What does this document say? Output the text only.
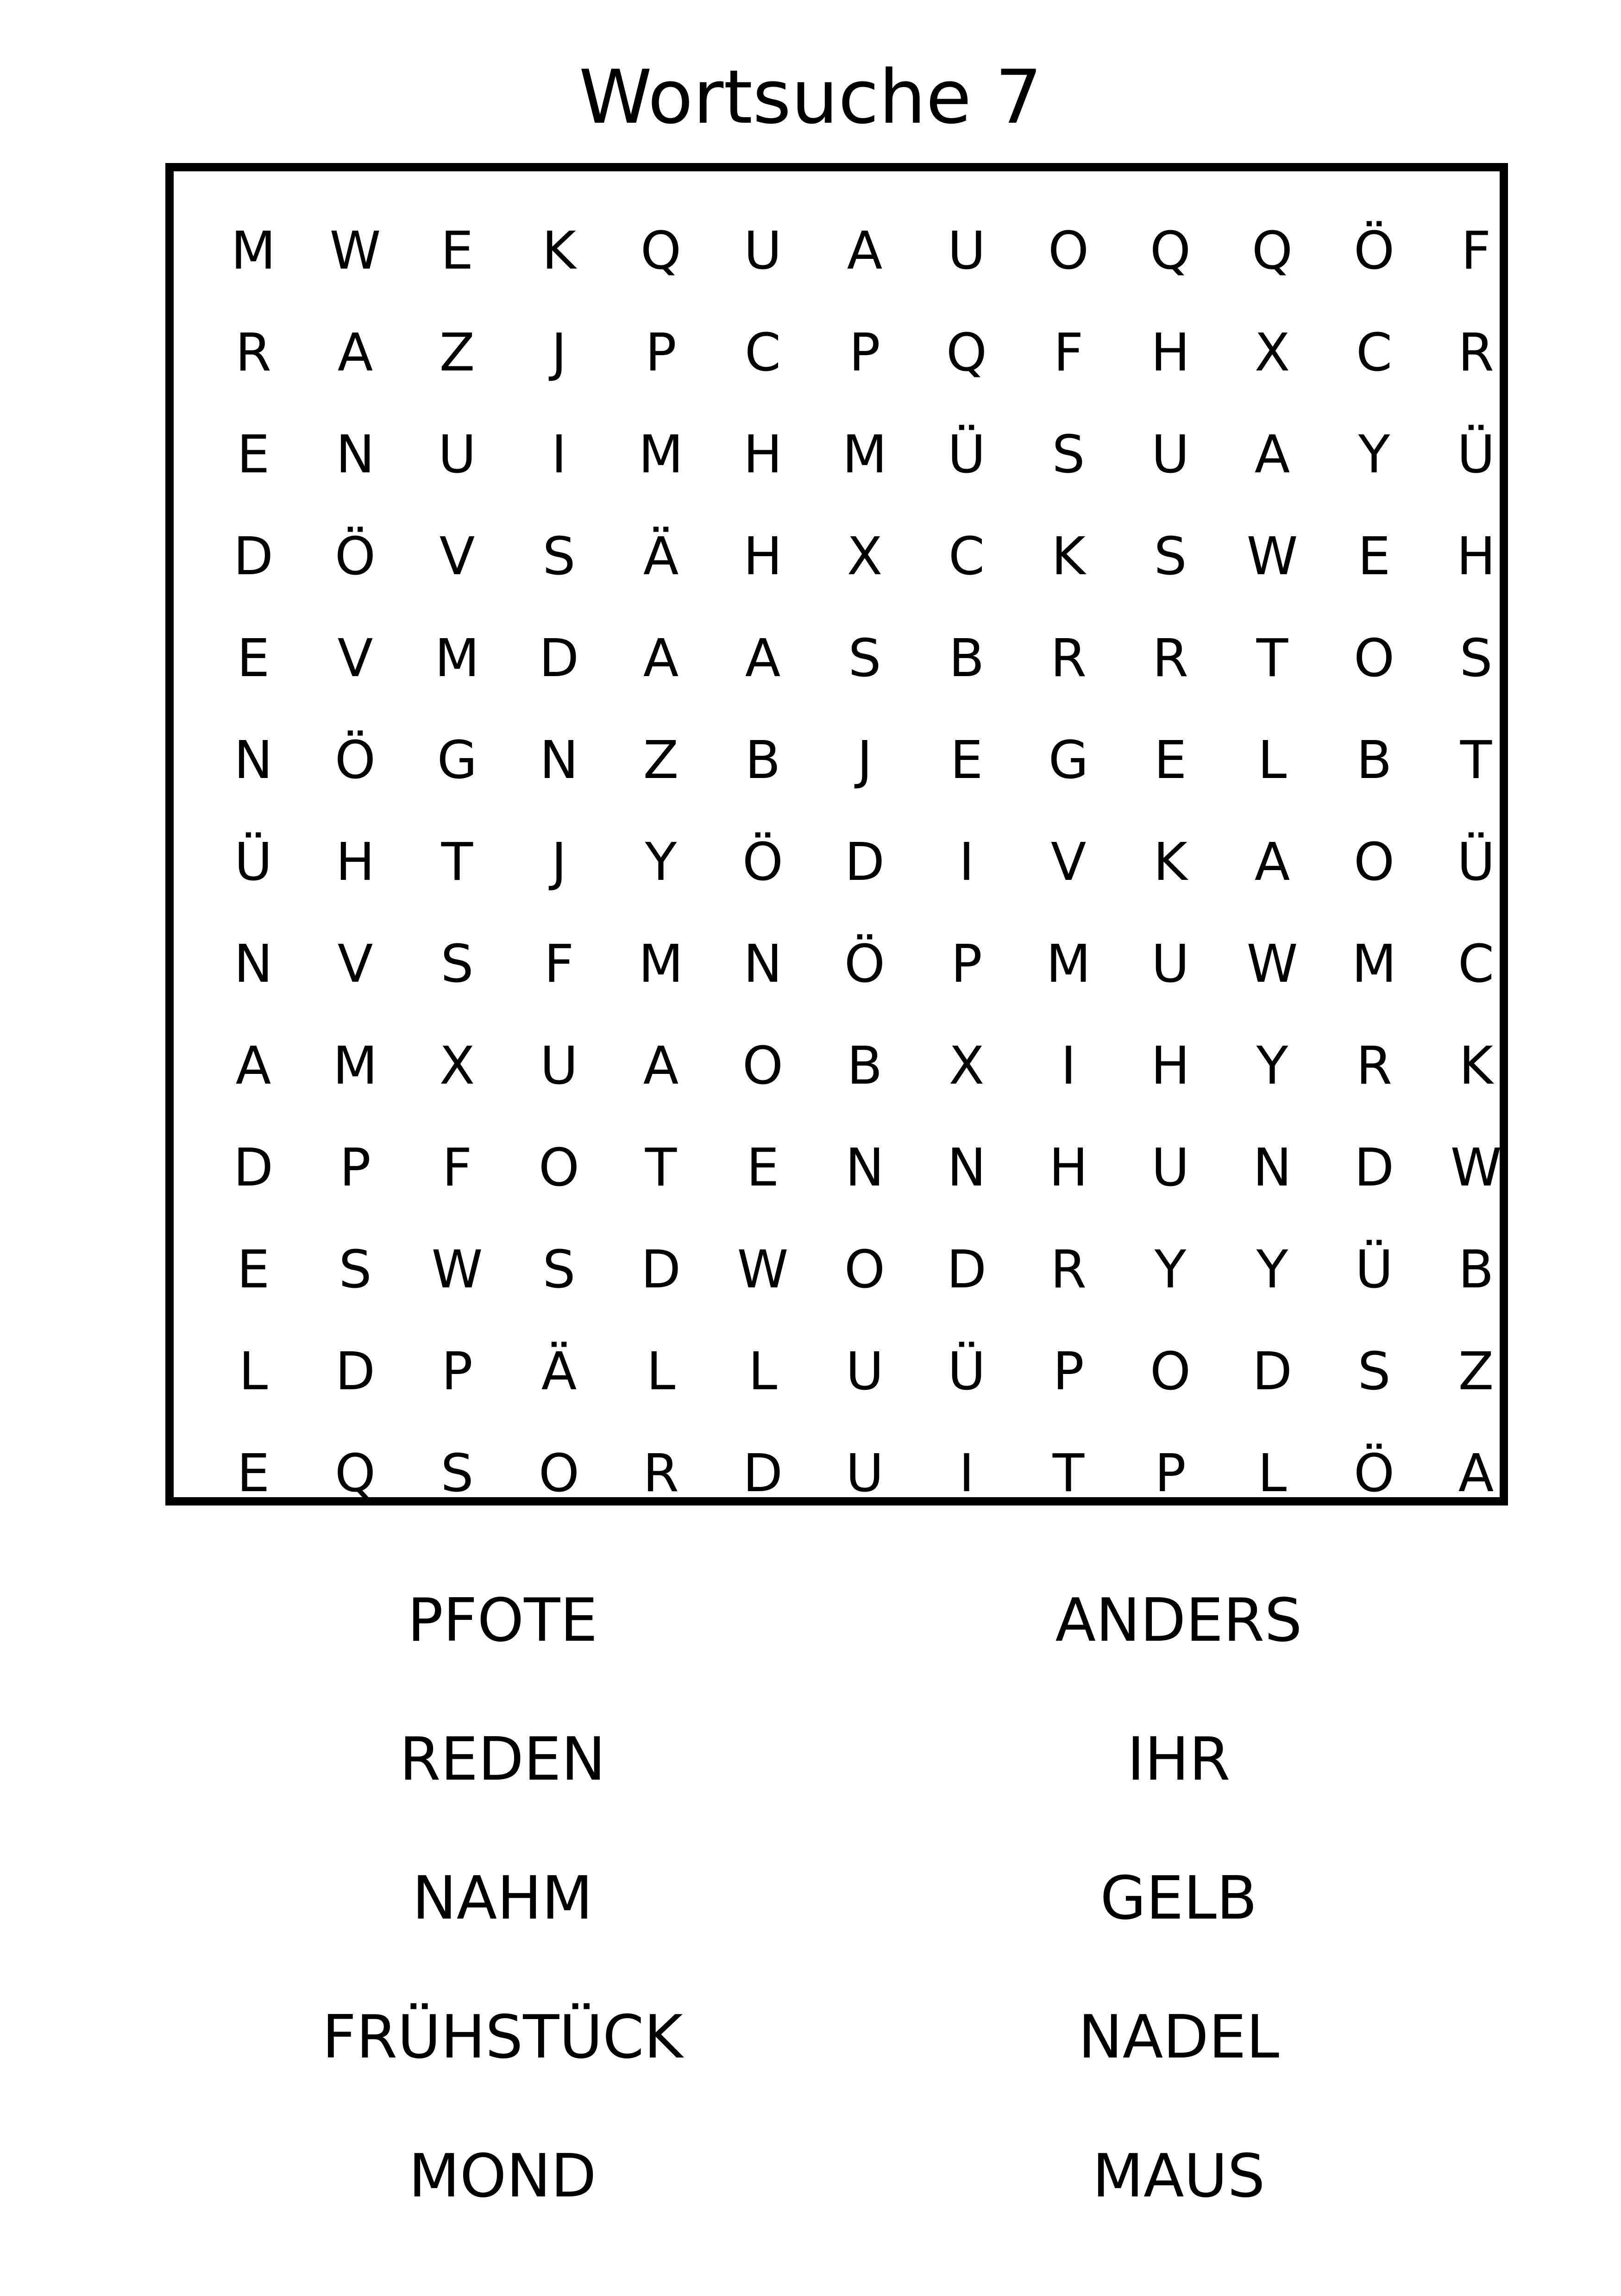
Wortsuche 7
M	W	E	K	Q	U	A	U	O	Q	Q	Ö	F
R	A	Z	J	P	C	P	Q	F	H	X	C	R
E	N	U	I	M	H	M	Ü	S	U	A	Y	Ü
D	Ö	V	S	Ä	H	X	C	K	S	W	E	H
E	V	M	D	A	A	S	B	R	R	T	O	S
N	Ö	G	N	Z	B	J	E	G	E	L	B	T
Ü	H	T	J	Y	Ö	D	I	V	K	A	O	Ü
N	V	S	F	M	N	Ö	P	M	U	W	M	C
A	M	X	U	A	O	B	X	I	H	Y	R	K
D	P	F	O	T	E	N	N	H	U	N	D	W
E	S	W	S	D	W	O	D	R	Y	Y	Ü	B
L	D	P	Ä	L	L	U	Ü	P	O	D	S	Z
E	Q	S	O	R	D	U	I	T	P	L	Ö	A
PFOTE	ANDERS
REDEN	IHR
NAHM	GELB
FRÜHSTÜCK	NADEL
MOND	MAUS
